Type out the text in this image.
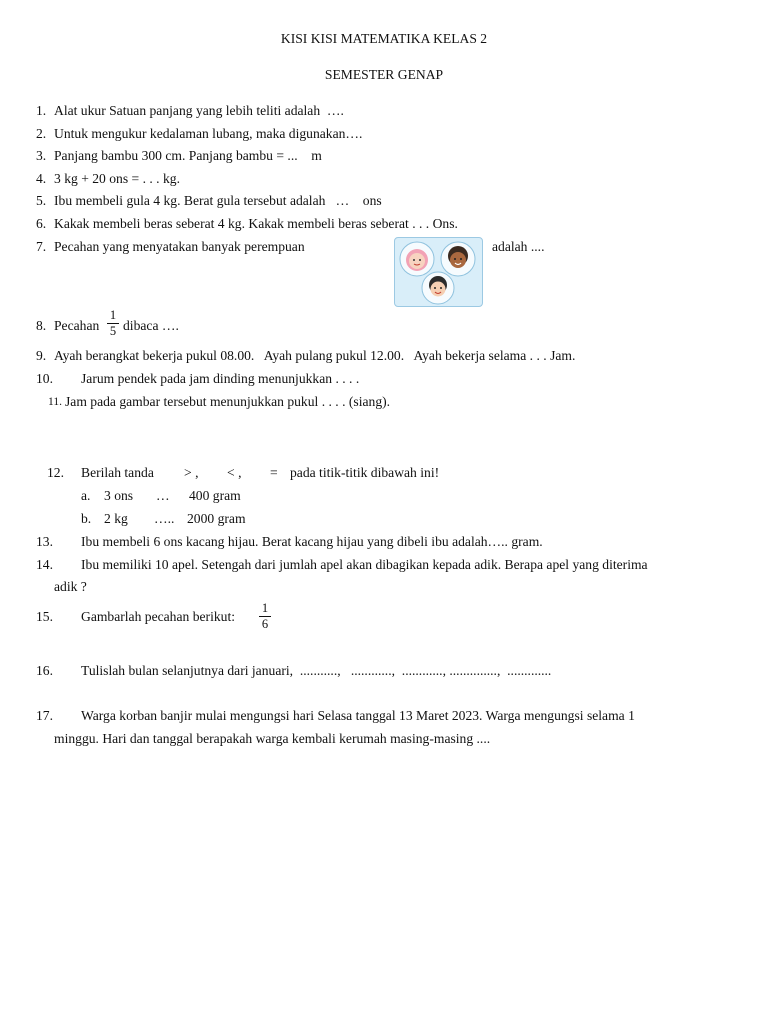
KISI KISI MATEMATIKA KELAS 2
SEMESTER GENAP
1. Alat ukur Satuan panjang yang lebih teliti adalah  ….
2. Untuk mengukur kedalaman lubang, maka digunakan….
3. Panjang bambu 300 cm. Panjang bambu = ...    m
4. 3 kg + 20 ons = . . . kg.
5. Ibu membeli gula 4 kg. Berat gula tersebut adalah   …    ons
6. Kakak membeli beras seberat 4 kg. Kakak membeli beras seberat . . . Ons.
7. Pecahan yang menyatakan banyak perempuan	adalah ....
8. Pecahan
1
5 dibaca ….
9. Ayah berangkat bekerja pukul 08.00.   Ayah pulang pukul 12.00.   Ayah bekerja selama . . . Jam.
10. Jarum pendek pada jam dinding menunjukkan . . . .
11. Jam pada gambar tersebut menunjukkan pukul . . . . (siang).
12. Berilah tanda > , < , = pada titik-titik dibawah ini!
a. 3 ons … 400 gram
b. 2 kg ….. 2000 gram
13. Ibu membeli 6 ons kacang hijau. Berat kacang hijau yang dibeli ibu adalah….. gram.
14. Ibu memiliki 10 apel. Setengah dari jumlah apel akan dibagikan kepada adik. Berapa apel yang diterima
adik ?
15. Gambarlah pecahan berikut:
1
6
16. Tulislah bulan selanjutnya dari januari,  ...........,   ............,  ............, ..............,  .............
17. Warga korban banjir mulai mengungsi hari Selasa tanggal 13 Maret 2023. Warga mengungsi selama 1
minggu. Hari dan tanggal berapakah warga kembali kerumah masing-masing ....
